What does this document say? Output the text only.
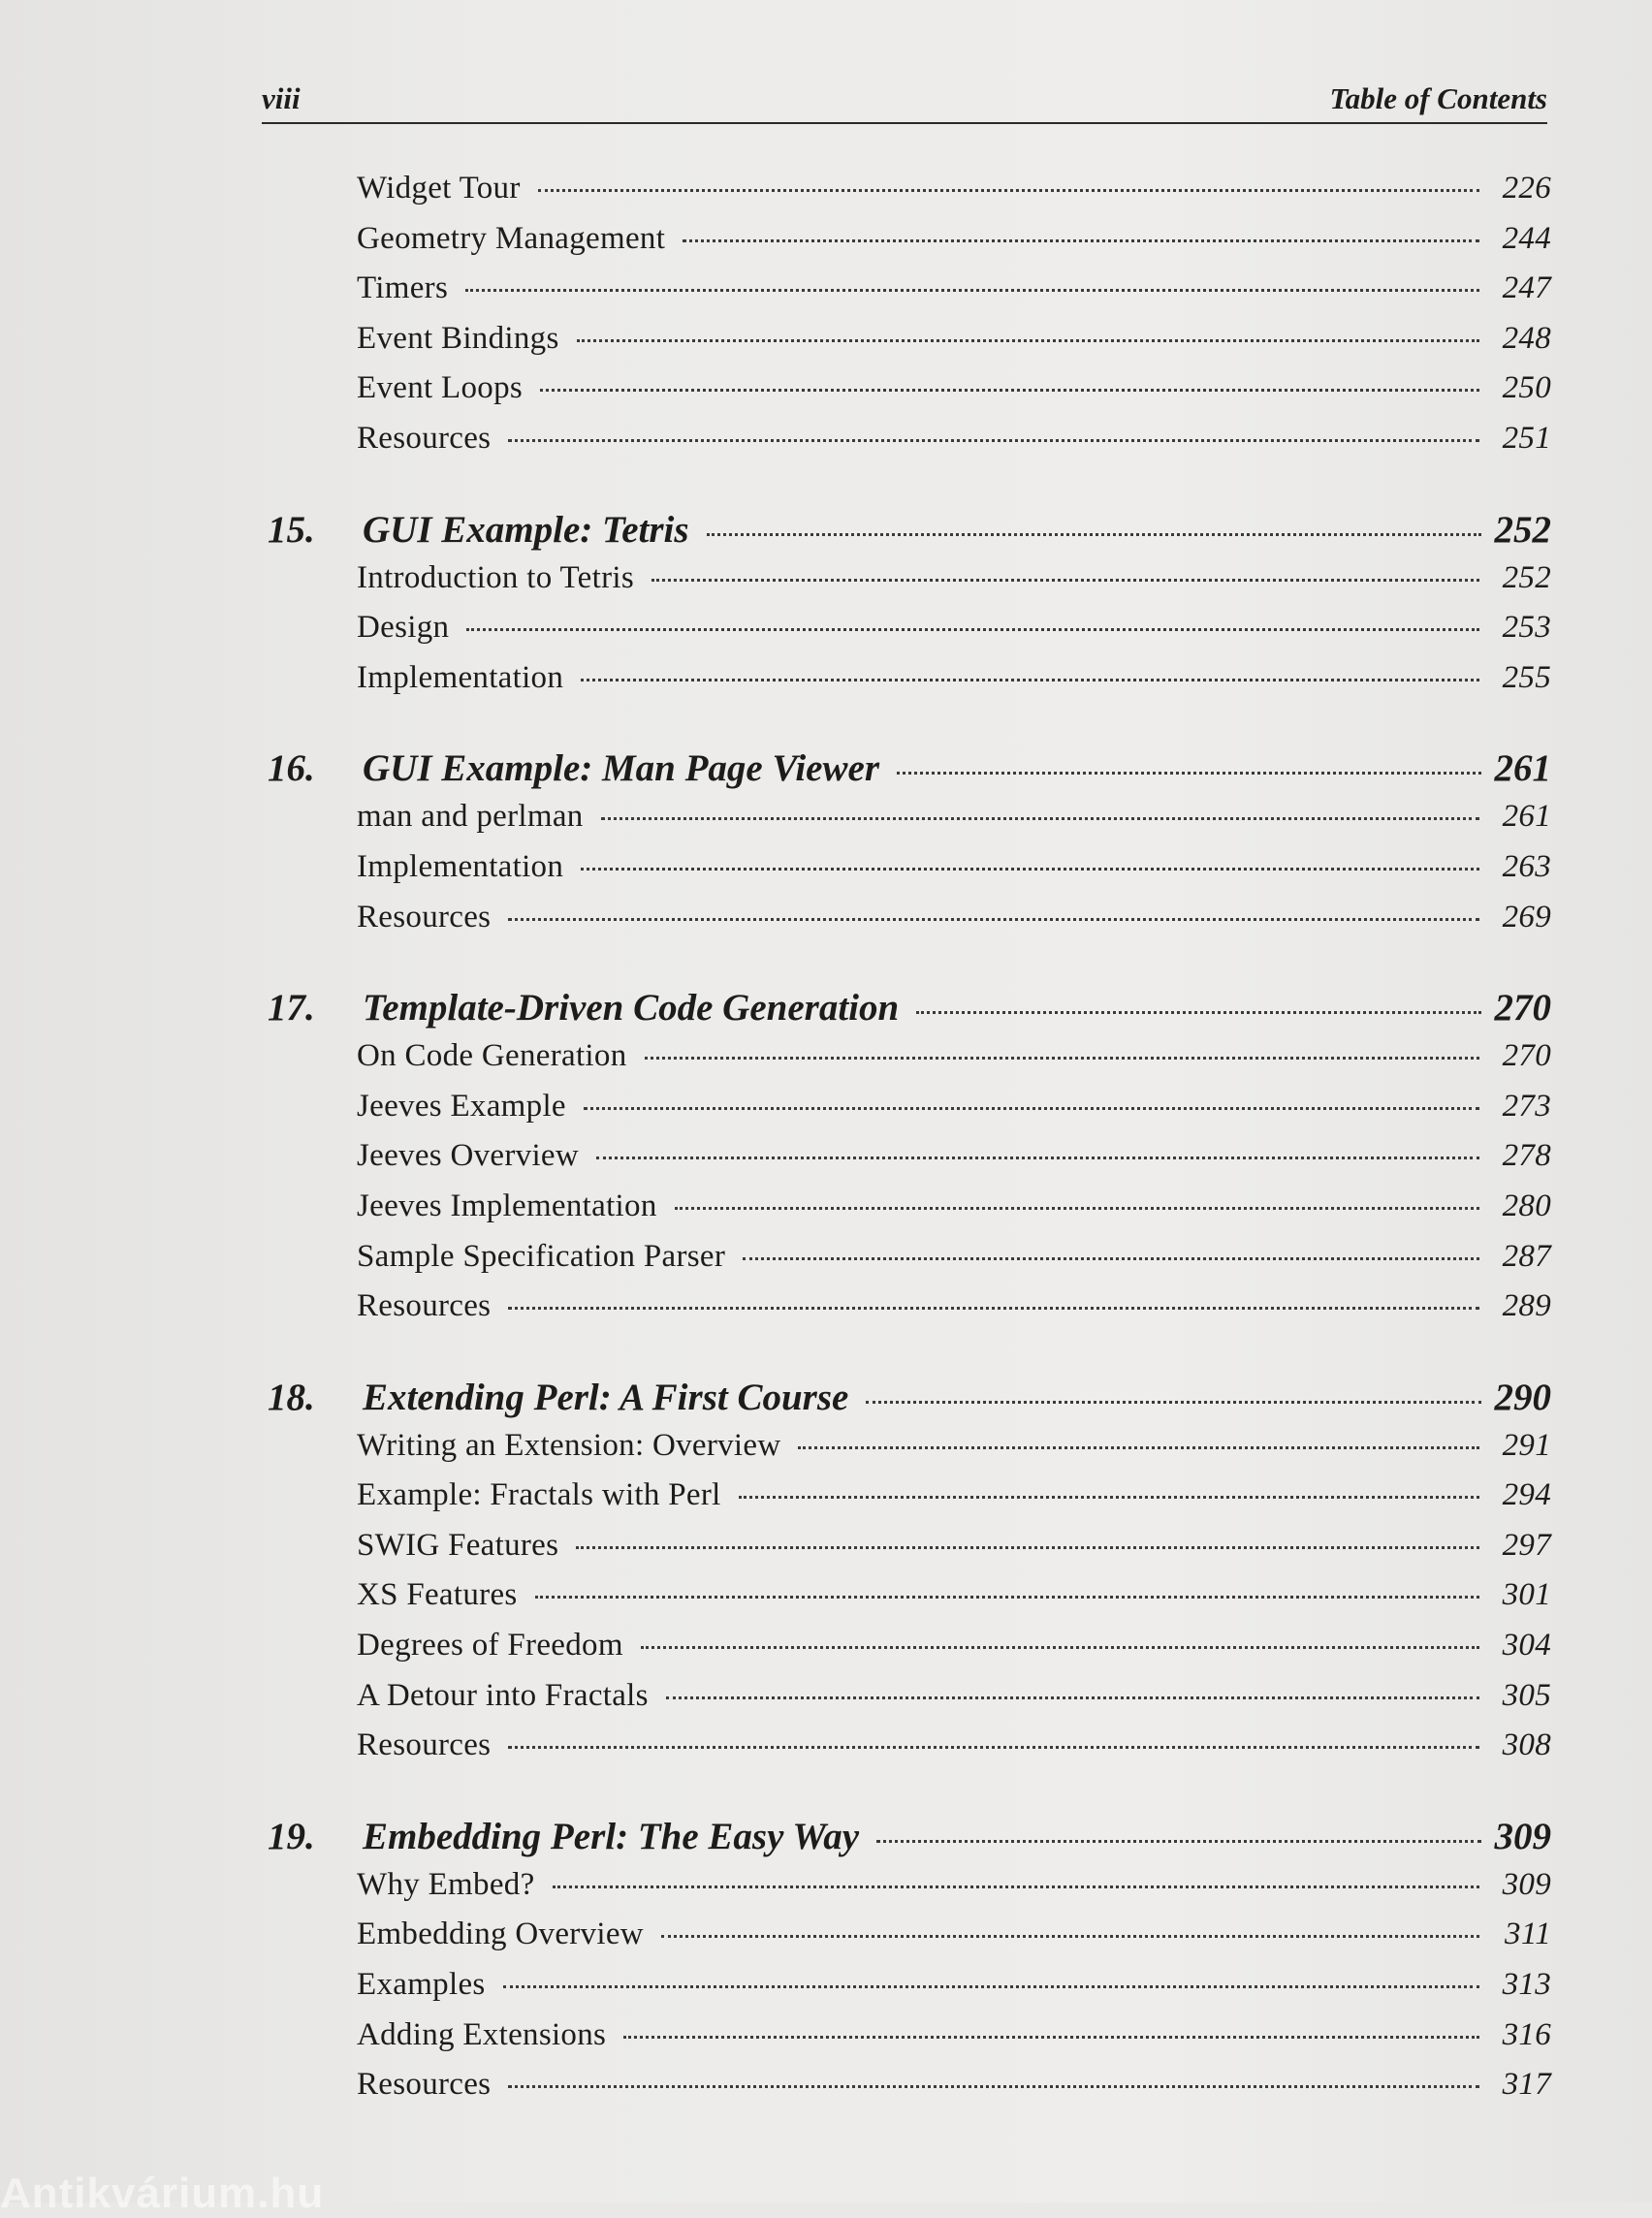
viii	Table of Contents
Widget Tour	226
Geometry Management	244
Timers	247
Event Bindings	248
Event Loops	250
Resources	251
15.	GUI Example: Tetris	252
Introduction to Tetris	252
Design	253
Implementation	255
16.	GUI Example: Man Page Viewer	261
man and perlman	261
Implementation	263
Resources	269
17.	Template-Driven Code Generation	270
On Code Generation	270
Jeeves Example	273
Jeeves Overview	278
Jeeves Implementation	280
Sample Specification Parser	287
Resources	289
18.	Extending Perl: A First Course	290
Writing an Extension: Overview	291
Example: Fractals with Perl	294
SWIG Features	297
XS Features	301
Degrees of Freedom	304
A Detour into Fractals	305
Resources	308
19.	Embedding Perl: The Easy Way	309
Why Embed?	309
Embedding Overview	311
Examples	313
Adding Extensions	316
Resources	317
Antikvárium.hu
